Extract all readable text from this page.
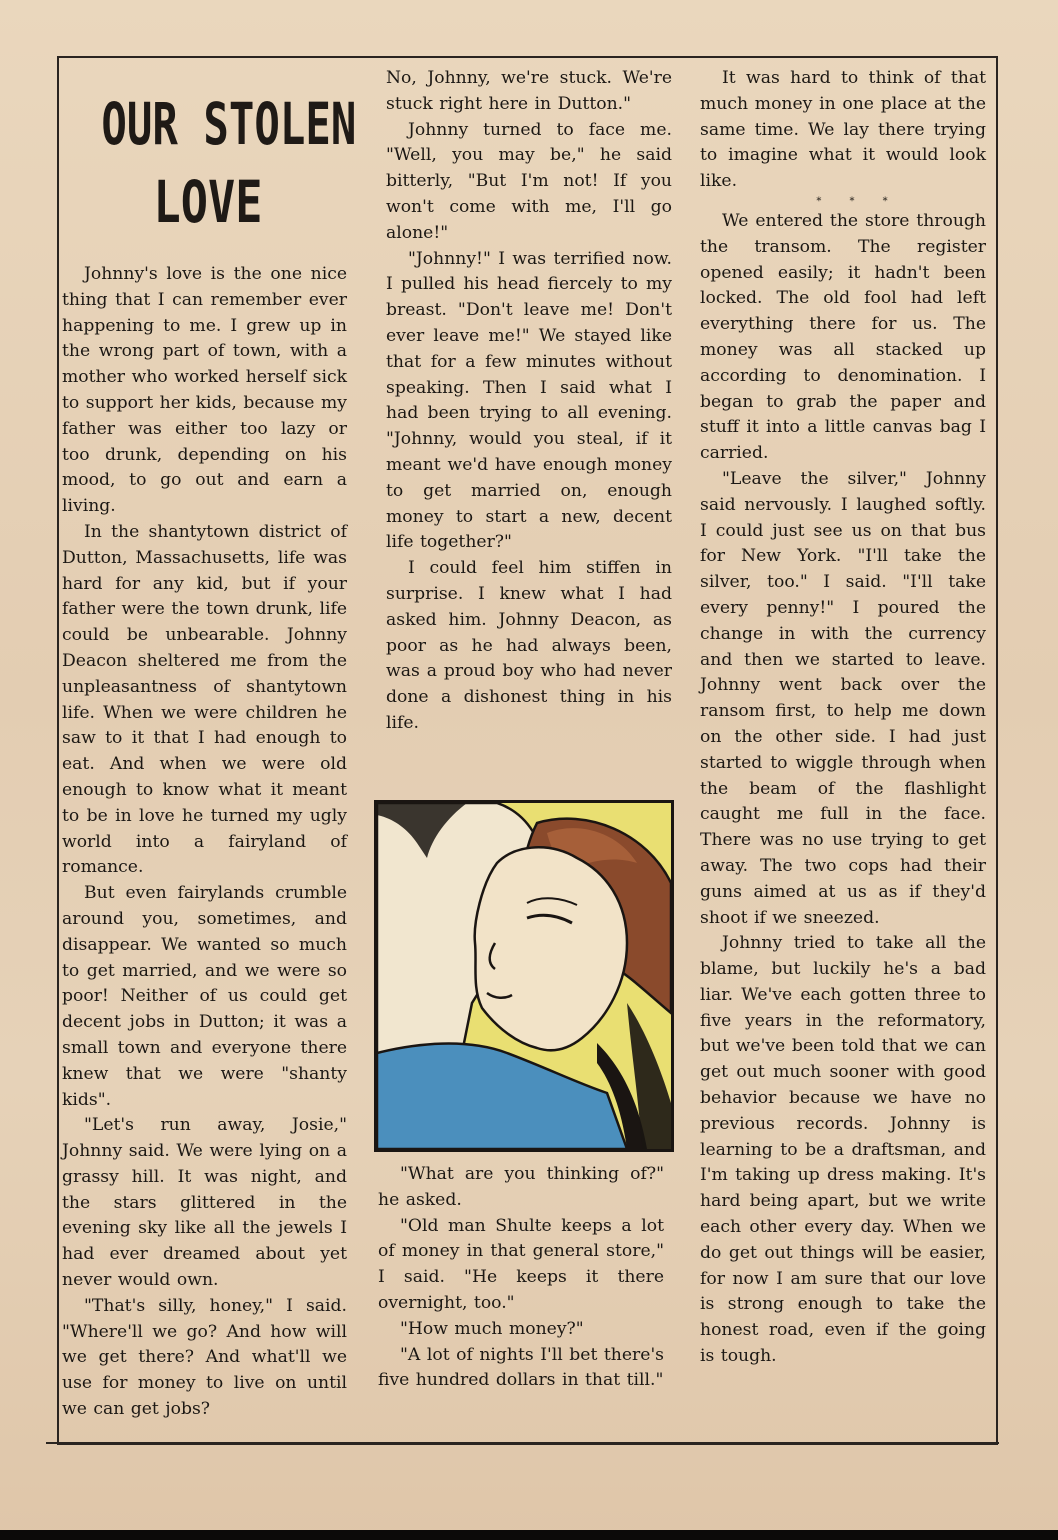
OUR STOLEN
LOVE

Johnny's love is the one nice thing that I can remember ever happening to me. I grew up in the wrong part of town, with a mother who worked herself sick to support her kids, because my father was either too lazy or too drunk, depending on his mood, to go out and earn a living.

In the shantytown district of Dutton, Massachusetts, life was hard for any kid, but if your father were the town drunk, life could be unbearable. Johnny Deacon sheltered me from the unpleasantness of shantytown life. When we were children he saw to it that I had enough to eat. And when we were old enough to know what it meant to be in love he turned my ugly world into a fairyland of romance.

But even fairylands crumble around you, sometimes, and disappear. We wanted so much to get married, and we were so poor! Neither of us could get decent jobs in Dutton; it was a small town and everyone there knew that we were "shanty kids".

"Let's run away, Josie," Johnny said. We were lying on a grassy hill. It was night, and the stars glittered in the evening sky like all the jewels I had ever dreamed about yet never would own.

"That's silly, honey," I said. "Where'll we go? And how will we get there? And what'll we use for money to live on until we can get jobs?

No, Johnny, we're stuck. We're stuck right here in Dutton."

Johnny turned to face me. "Well, you may be," he said bitterly, "But I'm not! If you won't come with me, I'll go alone!"

"Johnny!" I was terrified now. I pulled his head fiercely to my breast. "Don't leave me! Don't ever leave me!" We stayed like that for a few minutes without speaking. Then I said what I had been trying to all evening. "Johnny, would you steal, if it meant we'd have enough money to get married on, enough money to start a new, decent life together?"

I could feel him stiffen in surprise. I knew what I had asked him. Johnny Deacon, as poor as he had always been, was a proud boy who had never done a dishonest thing in his life.

"What are you thinking of?" he asked.

"Old man Shulte keeps a lot of money in that general store," I said. "He keeps it there overnight, too."

"How much money?"

"A lot of nights I'll bet there's five hundred dollars in that till."

It was hard to think of that much money in one place at the same time. We lay there trying to imagine what it would look like.

* * *

We entered the store through the transom. The register opened easily; it hadn't been locked. The old fool had left everything there for us. The money was all stacked up according to denomination. I began to grab the paper and stuff it into a little canvas bag I carried.

"Leave the silver," Johnny said nervously. I laughed softly. I could just see us on that bus for New York. "I'll take the silver, too." I said. "I'll take every penny!" I poured the change in with the currency and then we started to leave. Johnny went back over the ransom first, to help me down on the other side. I had just started to wiggle through when the beam of the flashlight caught me full in the face. There was no use trying to get away. The two cops had their guns aimed at us as if they'd shoot if we sneezed.

Johnny tried to take all the blame, but luckily he's a bad liar. We've each gotten three to five years in the reformatory, but we've been told that we can get out much sooner with good behavior because we have no previous records. Johnny is learning to be a draftsman, and I'm taking up dress making. It's hard being apart, but we write each other every day. When we do get out things will be easier, for now I am sure that our love is strong enough to take the honest road, even if the going is tough.
